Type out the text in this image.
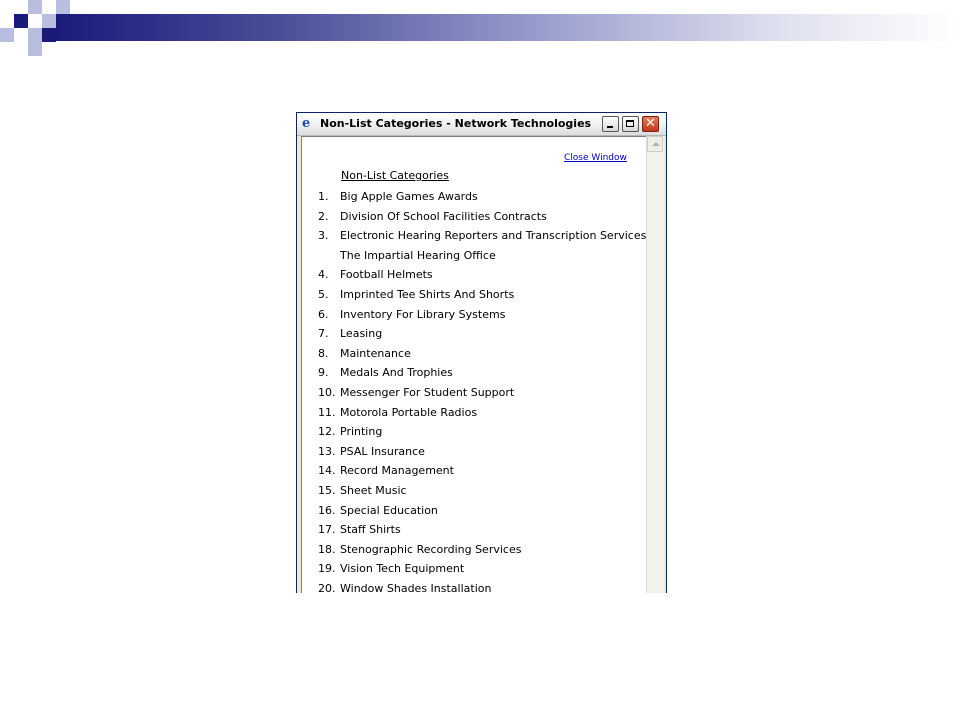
e Non-List Categories - Network Technologies	✕
Close Window
Non-List Categories
1.	Big Apple Games Awards
2.	Division Of School Facilities Contracts
3.	Electronic Hearing Reporters and Transcription Services The Impartial Hearing Office
4.	Football Helmets
5.	Imprinted Tee Shirts And Shorts
6.	Inventory For Library Systems
7.	Leasing
8.	Maintenance
9.	Medals And Trophies
10. Messenger For Student Support
11. Motorola Portable Radios
12. Printing
13. PSAL Insurance
14. Record Management
15. Sheet Music
16. Special Education
17. Staff Shirts
18. Stenographic Recording Services
19. Vision Tech Equipment
20. Window Shades Installation
